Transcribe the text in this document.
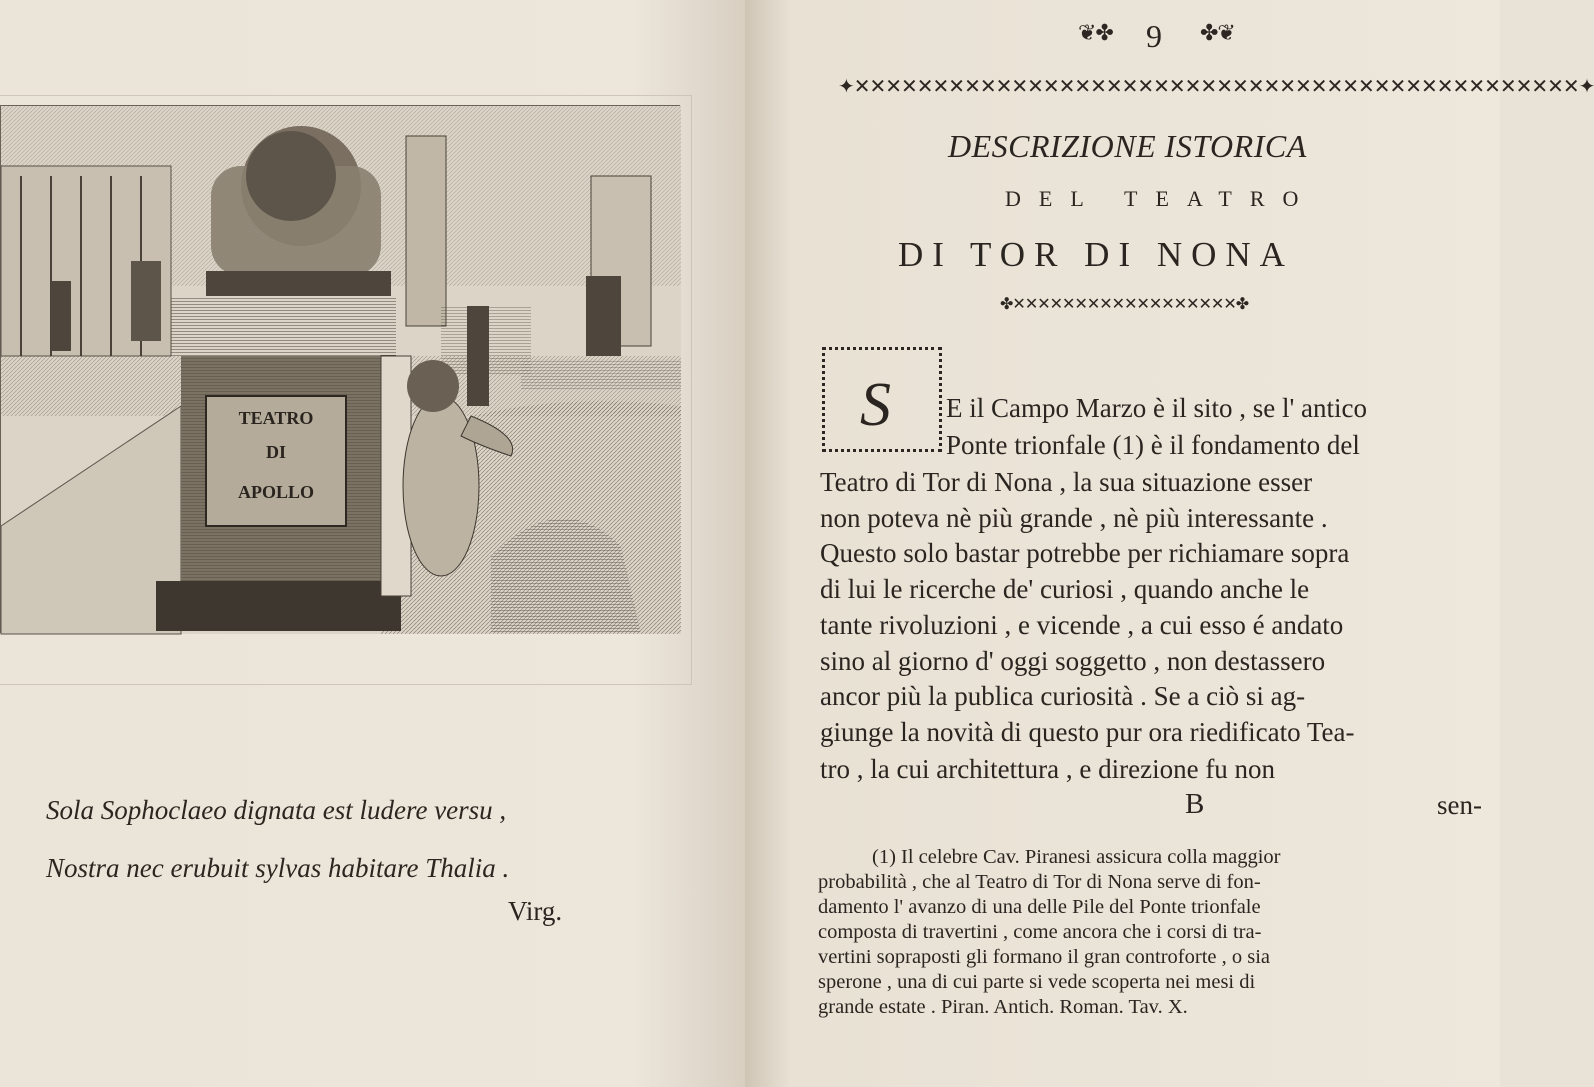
TEATRO
DI
APOLLO
Sola Sophoclaeo dignata est ludere versu ,
Nostra nec erubuit sylvas habitare Thalia .
Virg.
❦✤ 9 ✤❦
✦✕✕✕✕✕✕✕✕✕✕✕✕✕✕✕✕✕✕✕✕✕✕✕✕✕✕✕✕✕✕✕✕✕✕✕✕✕✕✕✕✕✕✕✕✕✕✦
DESCRIZIONE ISTORICA
DEL TEATRO
DI TOR DI NONA
✤✕✕✕✕✕✕✕✕✕✕✕✕✕✕✕✕✕✕✤
S E il Campo Marzo è il sito , se l' antico
Ponte trionfale (1) è il fondamento del
Teatro di Tor di Nona , la sua situazione esser
non poteva nè più grande , nè più interessante .
Questo solo bastar potrebbe per richiamare sopra
di lui le ricerche de' curiosi , quando anche le
tante rivoluzioni , e vicende , a cui esso é andato
sino al giorno d' oggi soggetto , non destassero
ancor più la publica curiosità . Se a ciò si ag-
giunge la novità di questo pur ora riedificato Tea-
tro , la cui architettura , e direzione fu non
B	sen-
(1) Il celebre Cav. Piranesi assicura colla maggior
probabilità , che al Teatro di Tor di Nona serve di fon-
damento l' avanzo di una delle Pile del Ponte trionfale
composta di travertini , come ancora che i corsi di tra-
vertini sopraposti gli formano il gran controforte , o sia
sperone , una di cui parte si vede scoperta nei mesi di
grande estate . Piran. Antich. Roman. Tav. X.
